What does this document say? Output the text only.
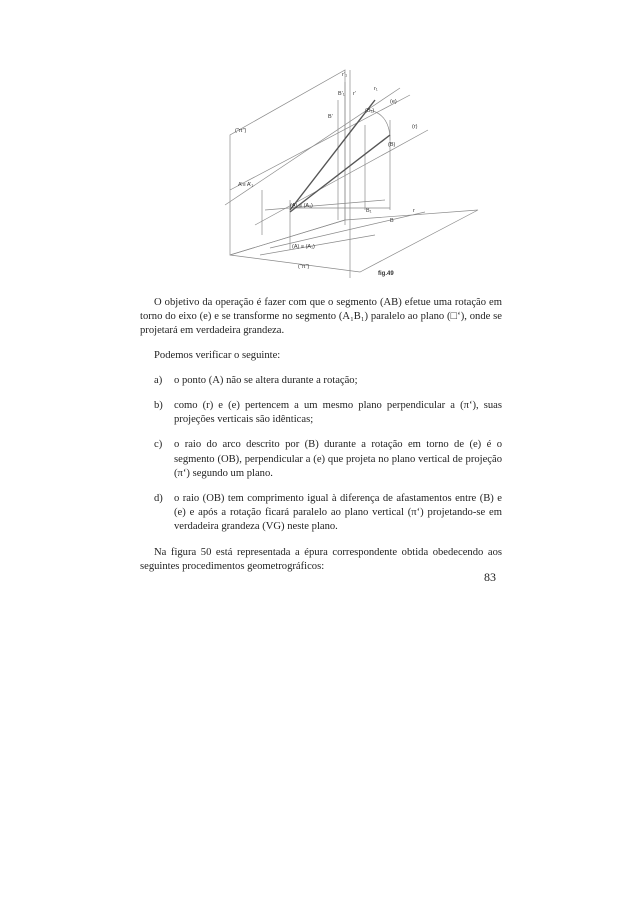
("π")
("π")
r’₁
r₁
B’₁ r’
B’
(B₁)
(e)
(r)
(B)
A’≡ A’₁
(A) ≡ (A₁)
B₁
B
r
(A) ≡ (A₁)
fig.49

O objetivo da operação é fazer com que o segmento (AB) efetue uma rotação em torno do eixo (e) e se transforme no segmento (A₁B₁) paralelo ao plano (□‘), onde se projetará em verdadeira grandeza.

Podemos verificar o seguinte:

a) o ponto (A) não se altera durante a rotação;
b) como (r) e (e) pertencem a um mesmo plano perpendicular a (π‘), suas projeções verticais são idênticas;
c) o raio do arco descrito por (B) durante a rotação em torno de (e) é o segmento (OB), perpendicular a (e) que projeta no plano vertical de projeção (π‘) segundo um plano.
d) o raio (OB) tem comprimento igual à diferença de afastamentos entre (B) e (e) e após a rotação ficará paralelo ao plano vertical (π‘) projetando-se em verdadeira grandeza (VG) neste plano.

Na figura 50 está representada a épura correspondente obtida obedecendo aos seguintes procedimentos geometrográficos:

83
